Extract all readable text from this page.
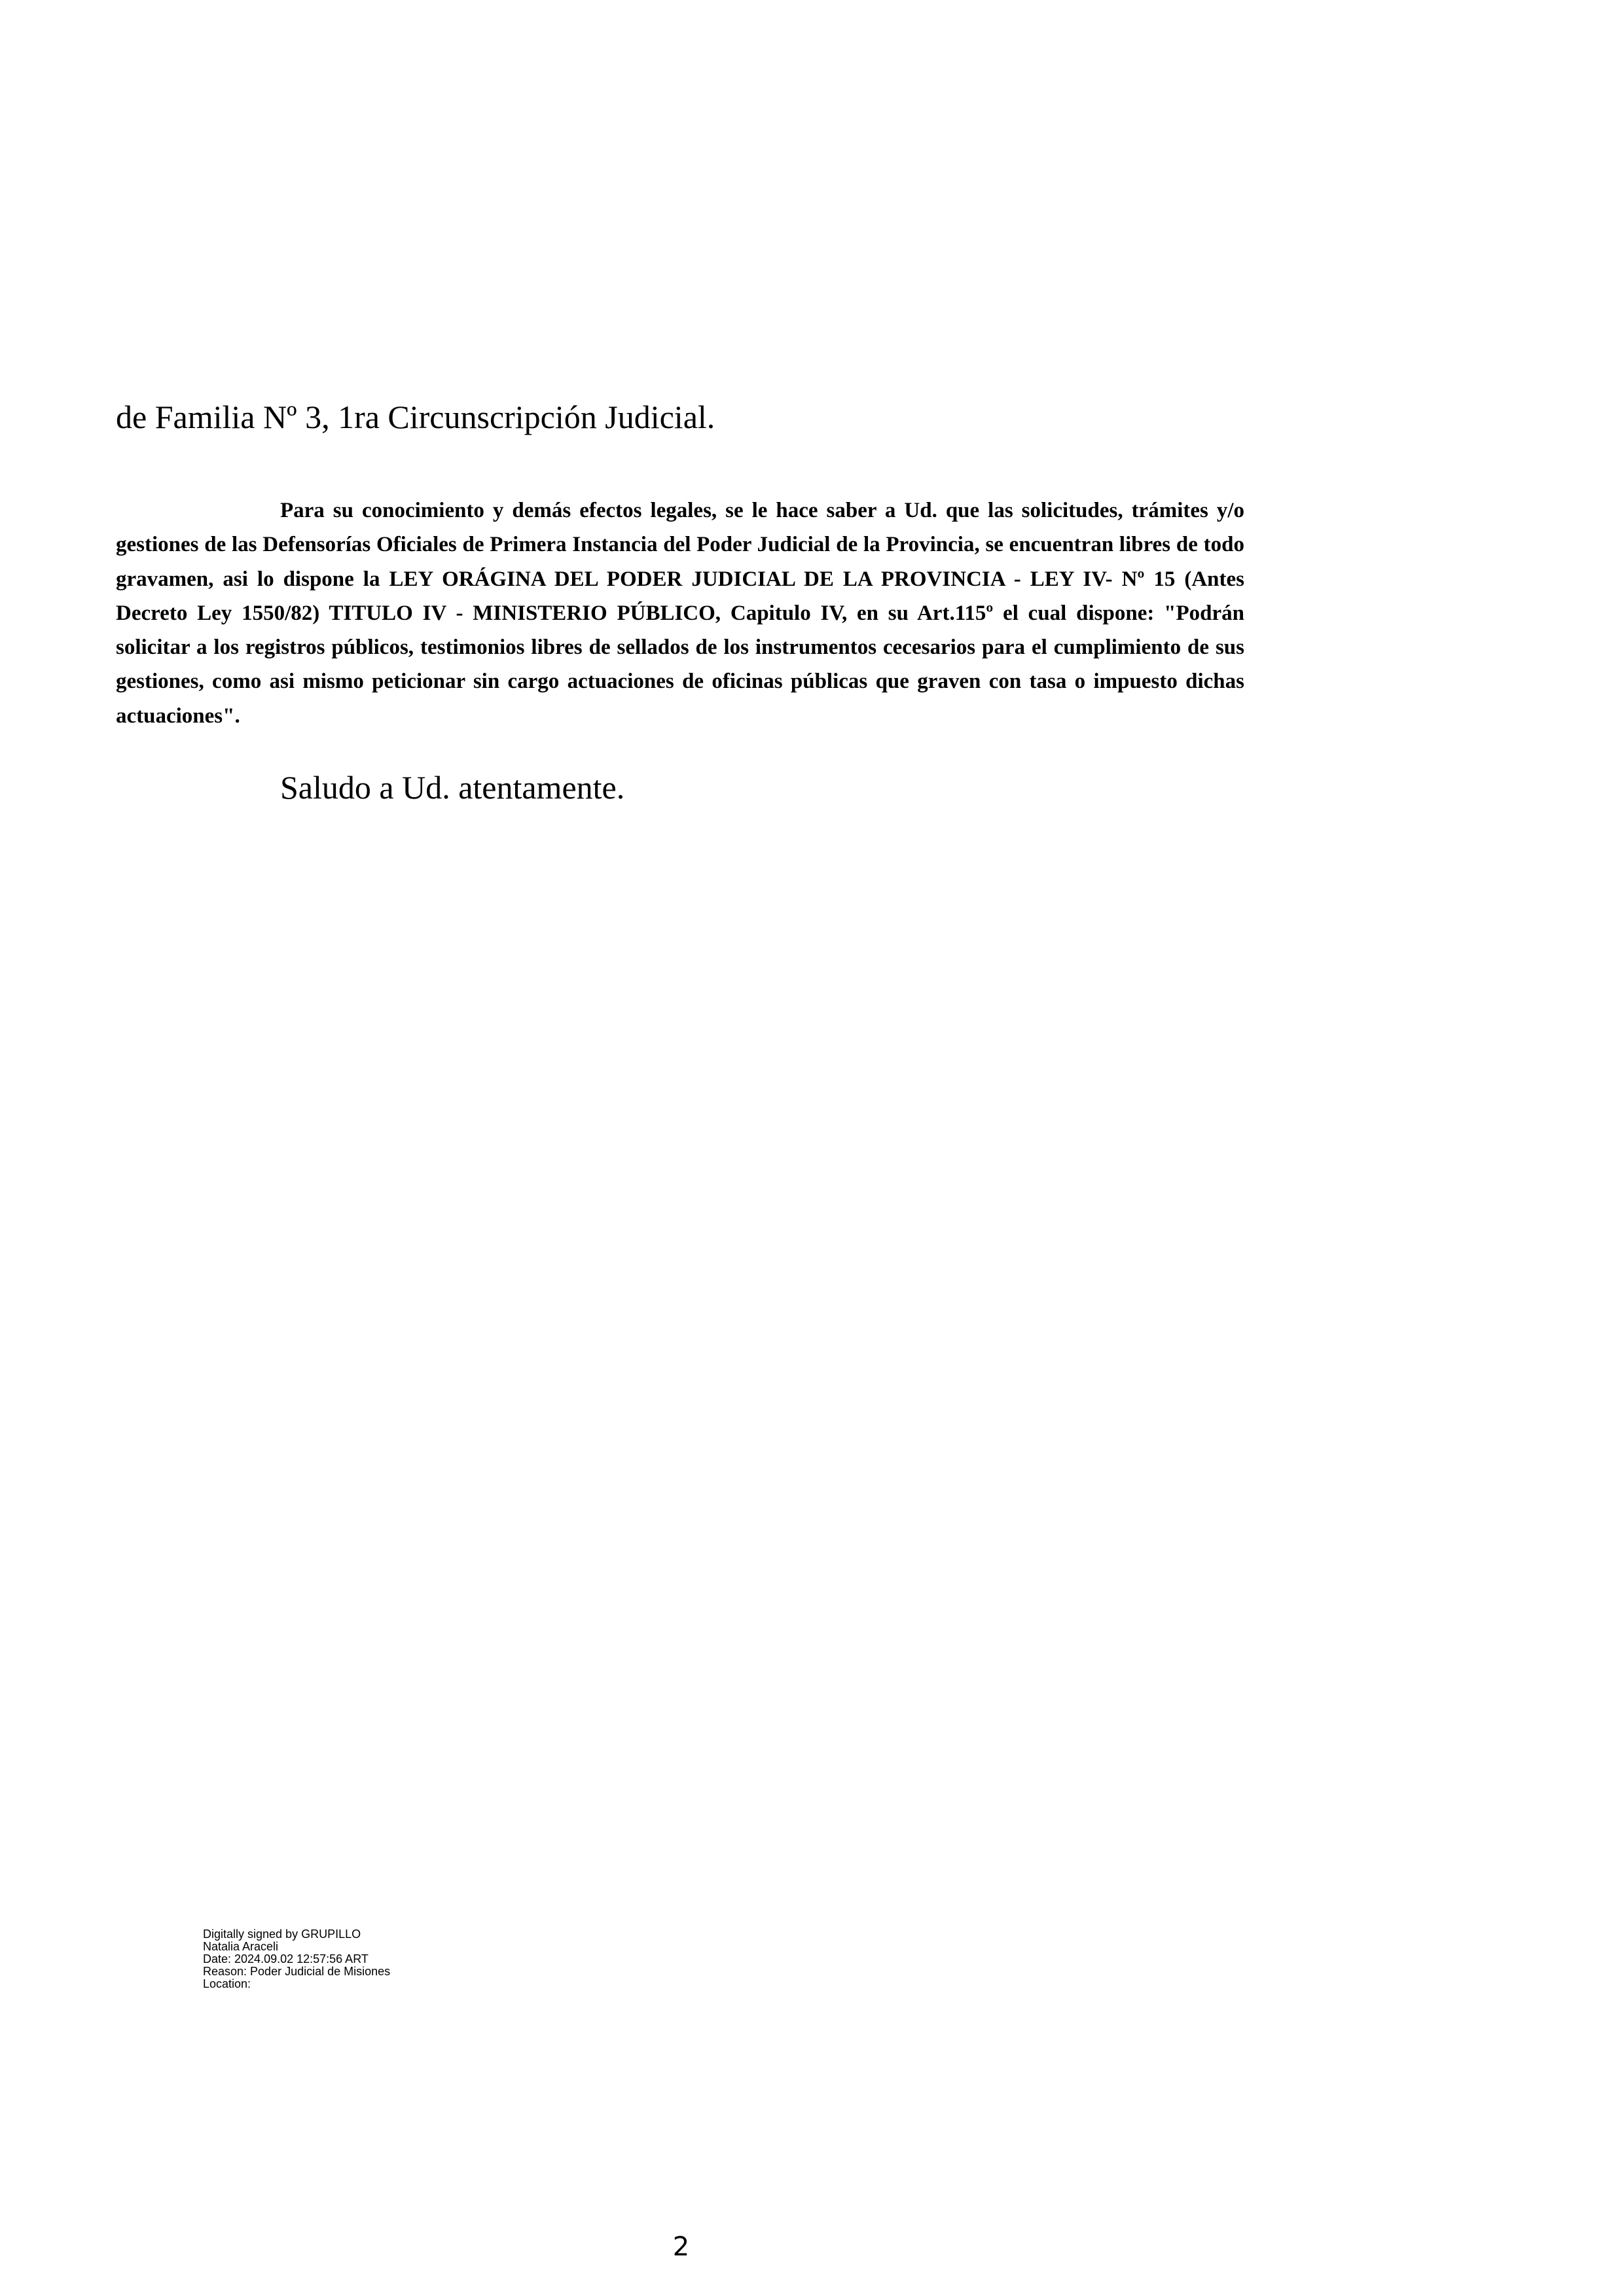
de Familia Nº 3, 1ra Circunscripción Judicial.

Para su conocimiento y demás efectos legales, se le hace saber a Ud. que las solicitudes, trámites y/o gestiones de las Defensorías Oficiales de Primera Instancia del Poder Judicial de la Provincia, se encuentran libres de todo gravamen, asi lo dispone la LEY ORÁGINA DEL PODER JUDICIAL DE LA PROVINCIA - LEY IV- Nº 15 (Antes Decreto Ley 1550/82) TITULO IV - MINISTERIO PÚBLICO, Capitulo IV, en su Art.115º el cual dispone: "Podrán solicitar a los registros públicos, testimonios libres de sellados de los instrumentos cecesarios para el cumplimiento de sus gestiones, como asi mismo peticionar sin cargo actuaciones de oficinas públicas que graven con tasa o impuesto dichas actuaciones".

Saludo a Ud. atentamente.
Digitally signed by GRUPILLO
Natalia Araceli
Date: 2024.09.02 12:57:56 ART
Reason: Poder Judicial de Misiones
Location:
2
